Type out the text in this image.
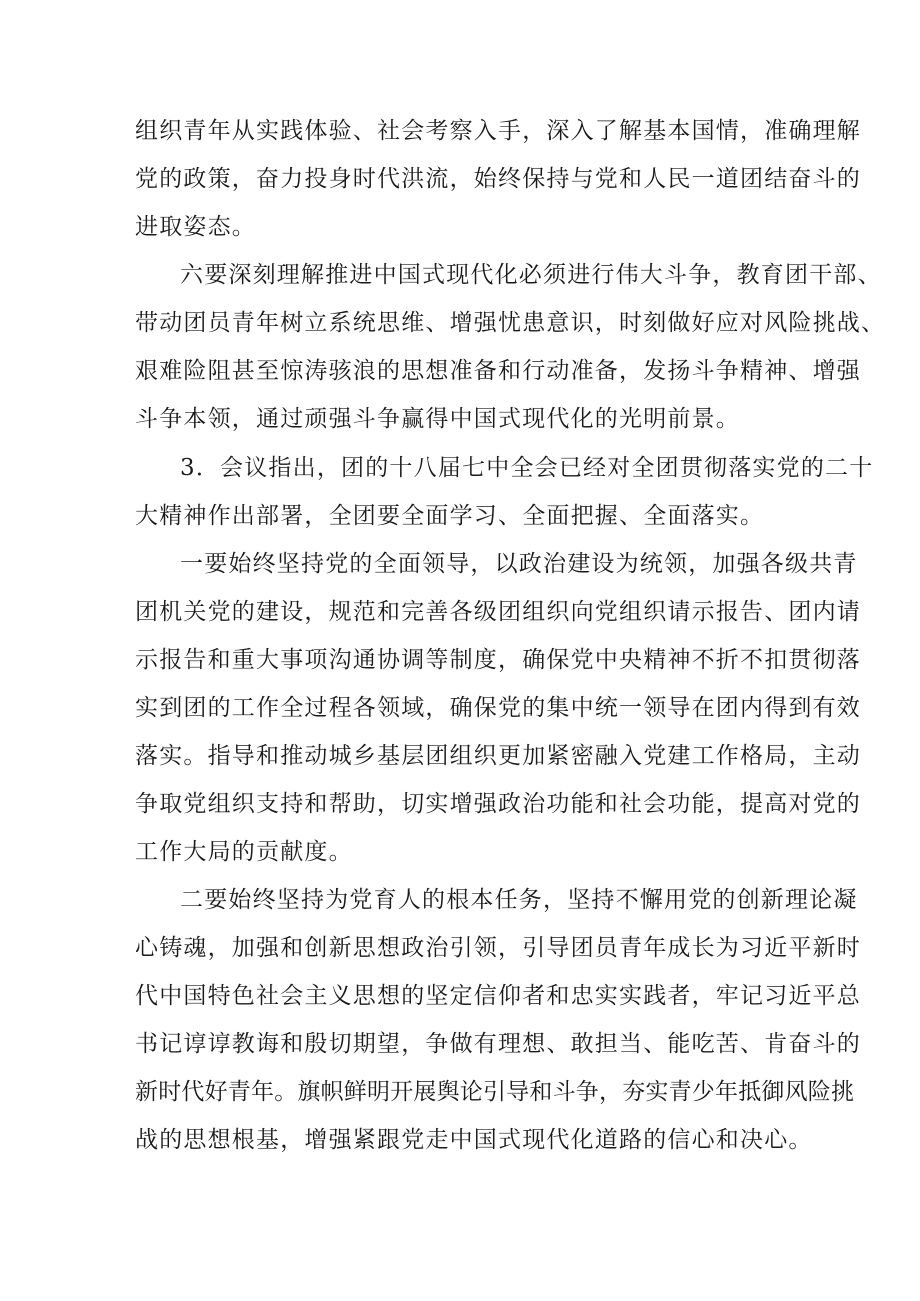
组织青年从实践体验、社会考察入手，深入了解基本国情，准确理解
党的政策，奋力投身时代洪流，始终保持与党和人民一道团结奋斗的
进取姿态。
六要深刻理解推进中国式现代化必须进行伟大斗争，教育团干部、
带动团员青年树立系统思维、增强忧患意识，时刻做好应对风险挑战、
艰难险阻甚至惊涛骇浪的思想准备和行动准备，发扬斗争精神、增强
斗争本领，通过顽强斗争赢得中国式现代化的光明前景。
3．会议指出，团的十八届七中全会已经对全团贯彻落实党的二十
大精神作出部署，全团要全面学习、全面把握、全面落实。
一要始终坚持党的全面领导，以政治建设为统领，加强各级共青
团机关党的建设，规范和完善各级团组织向党组织请示报告、团内请
示报告和重大事项沟通协调等制度，确保党中央精神不折不扣贯彻落
实到团的工作全过程各领域，确保党的集中统一领导在团内得到有效
落实。指导和推动城乡基层团组织更加紧密融入党建工作格局，主动
争取党组织支持和帮助，切实增强政治功能和社会功能，提高对党的
工作大局的贡献度。
二要始终坚持为党育人的根本任务，坚持不懈用党的创新理论凝
心铸魂，加强和创新思想政治引领，引导团员青年成长为习近平新时
代中国特色社会主义思想的坚定信仰者和忠实实践者，牢记习近平总
书记谆谆教诲和殷切期望，争做有理想、敢担当、能吃苦、肯奋斗的
新时代好青年。旗帜鲜明开展舆论引导和斗争，夯实青少年抵御风险挑
战的思想根基，增强紧跟党走中国式现代化道路的信心和决心。
